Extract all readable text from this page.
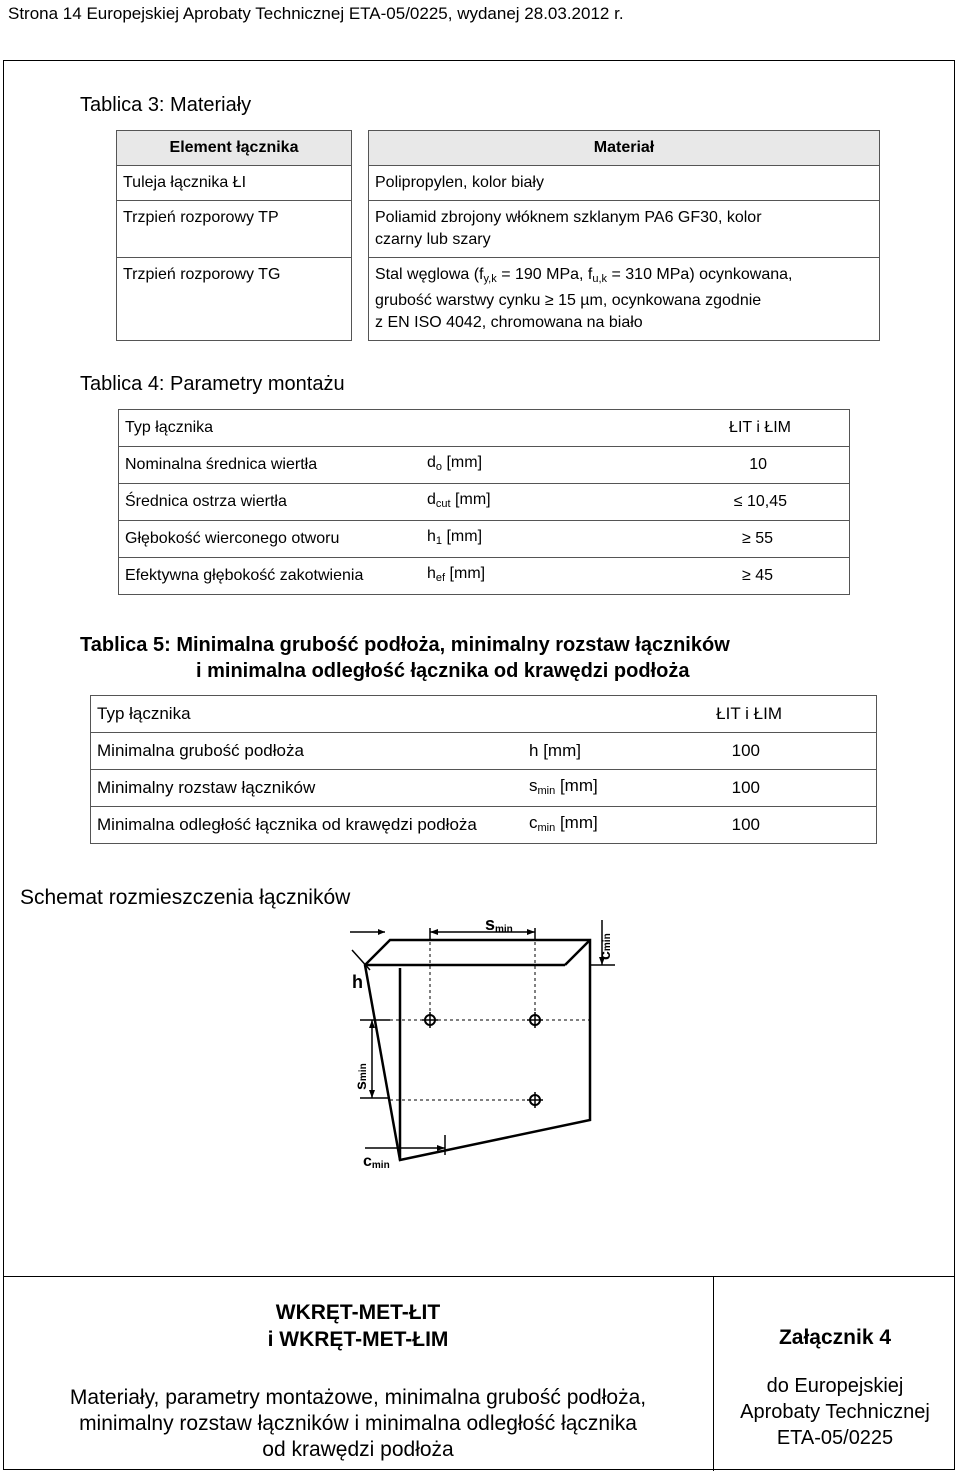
Strona 14 Europejskiej Aprobaty Technicznej ETA-05/0225, wydanej 28.03.2012 r.
Tablica 3: Materiały
Element łącznika		Materiał
Tuleja łącznika ŁI		Polipropylen, kolor biały

Trzpień rozporowy TP		Poliamid zbrojony włóknem szklanym PA6 GF30, kolor
czarny lub szary

Trzpień rozporowy TG		Stal węglowa ($f_{y,k} = 190$ MPa, $f_{u,k} = 310$ MPa) ocynkowana,
grubość warstwy cynku ≥ 15 µm, ocynkowana zgodnie
z EN ISO 4042, chromowana na biało
Tablica 4: Parametry montażu
Typ łącznika		ŁIT i ŁIM
Nominalna średnica wiertła	$d_o$ [mm]	10
Średnica ostrza wiertła	$d_{cut}$ [mm]	≤ 10,45
Głębokość wierconego otworu	$h_1$ [mm]	≥ 55
Efektywna głębokość zakotwienia	$h_{ef}$ [mm]	≥ 45
Tablica 5: Minimalna grubość podłoża, minimalny rozstaw łączników
i minimalna odległość łącznika od krawędzi podłoża
Typ łącznika		ŁIT i ŁIM
Minimalna grubość podłoża	h [mm]	100
Minimalny rozstaw łączników	$s_{min}$ [mm]	100
Minimalna odległość łącznika od krawędzi podłoża	$c_{min}$ [mm]	100
Schemat rozmieszczenia łączników
smin
cmin
h
smin
cmin
WKRĘT-MET-ŁIT
i WKRĘT-MET-ŁIM
Materiały, parametry montażowe, minimalna grubość podłoża,
minimalny rozstaw łączników i minimalna odległość łącznika
od krawędzi podłoża
Załącznik 4
do Europejskiej
Aprobaty Technicznej
ETA-05/0225
